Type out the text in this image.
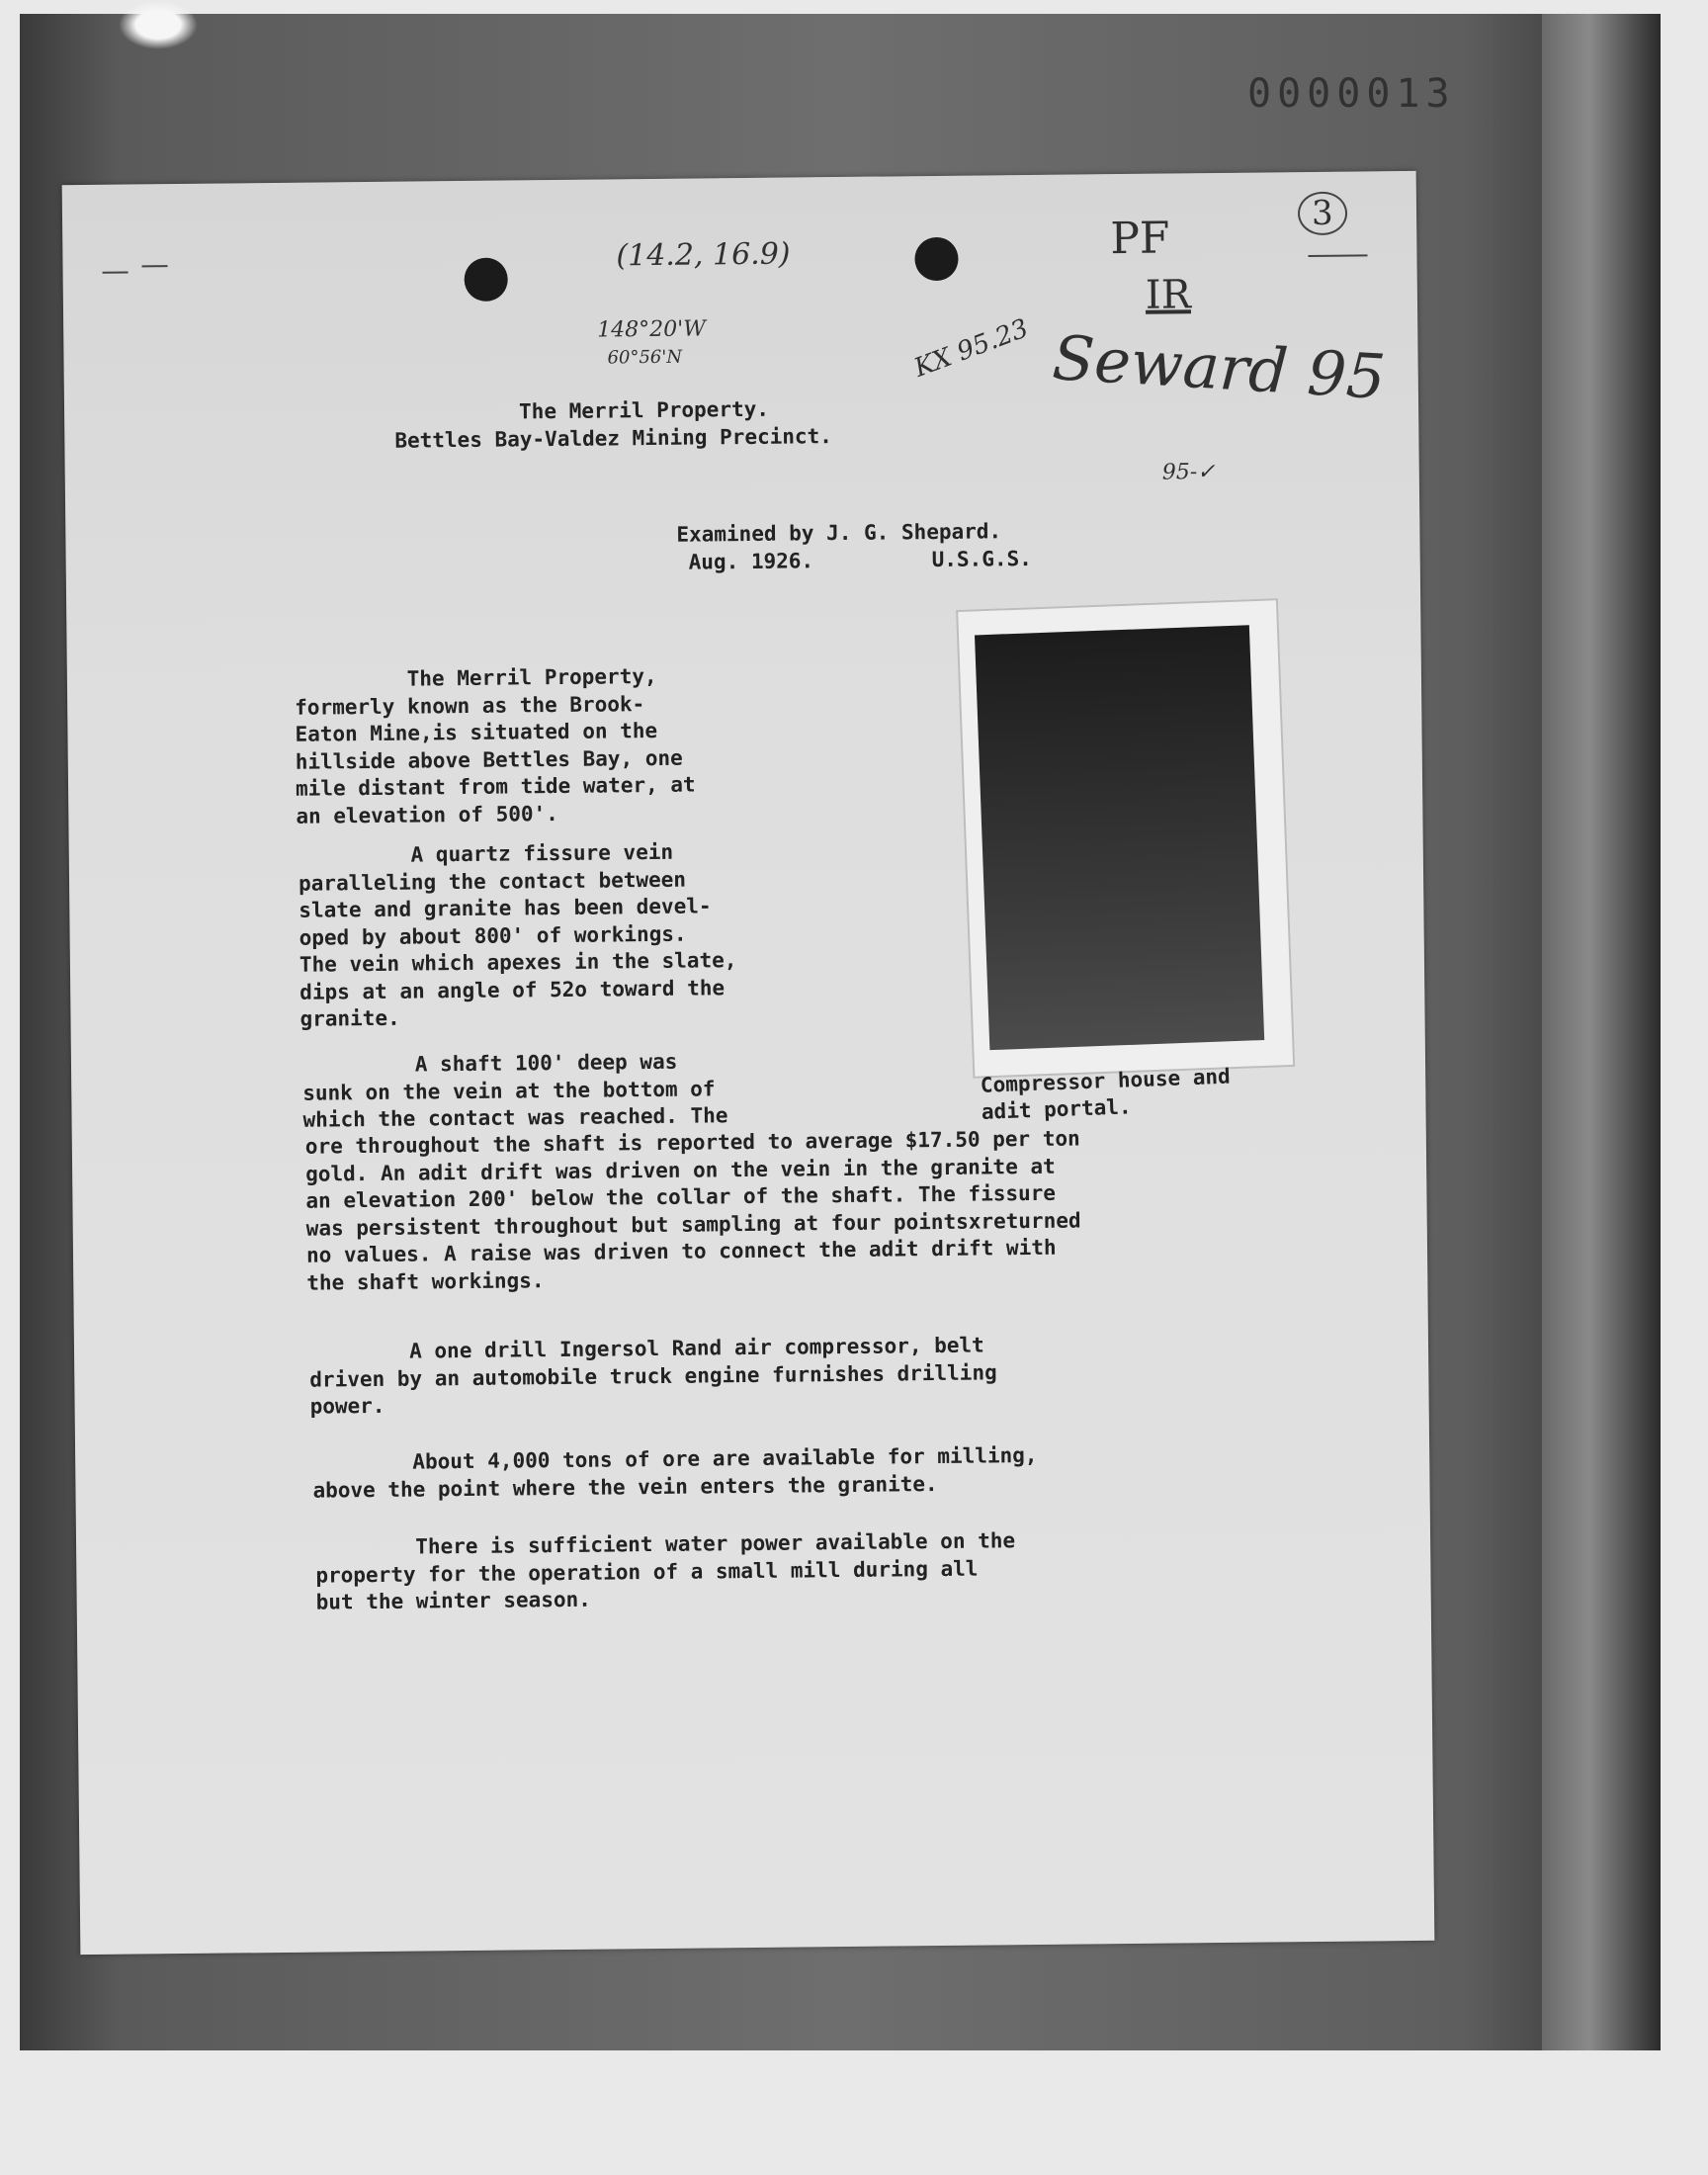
0000013
(14.2, 16.9)
148°20'W
60°56'N	KX 95.23
PF
IR
3
Seward 95
95-✓
The Merril Property.
Bettles Bay-Valdez Mining Precinct.
Examined by J. G. Shepard.
Aug. 1926.	U.S.G.S.
Compressor house and
adit portal.
The Merril Property,
formerly known as the Brook-
Eaton Mine,is situated on the
hillside above Bettles Bay, one
mile distant from tide water, at
an elevation of 500'.
A quartz fissure vein
paralleling the contact between
slate and granite has been devel-
oped by about 800' of workings.
The vein which apexes in the slate,
dips at an angle of 52o toward the
granite.
A shaft 100' deep was
sunk on the vein at the bottom of
which the contact was reached. The
ore throughout the shaft is reported to average $17.50 per ton
gold. An adit drift was driven on the vein in the granite at
an elevation 200' below the collar of the shaft. The fissure
was persistent throughout but sampling at four pointsxreturned
no values. A raise was driven to connect the adit drift with
the shaft workings.
A one drill Ingersol Rand air compressor, belt
driven by an automobile truck engine furnishes drilling
power.
About 4,000 tons of ore are available for milling,
above the point where the vein enters the granite.
There is sufficient water power available on the
property for the operation of a small mill during all
but the winter season.
